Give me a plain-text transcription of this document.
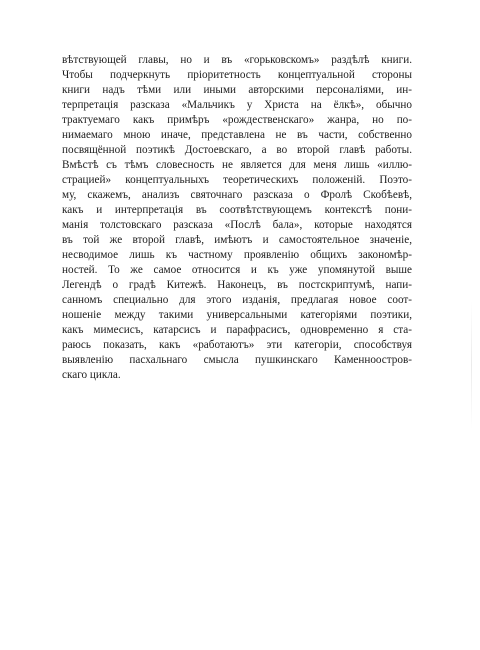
вѣтствующей главы, но и въ «горьковскомъ» раздѣлѣ книги.
Чтобы подчеркнуть пріоритетность концептуальной стороны
книги надъ тѣми или иными авторскими персоналіями, ин-
терпретація разсказа «Мальчикъ у Христа на ёлкѣ», обычно
трактуемаго какъ примѣръ «рождественскаго» жанра, но по-
нимаемаго мною иначе, представлена не въ части, собственно
посвящённой поэтикѣ Достоевскаго, а во второй главѣ работы.
Вмѣстѣ съ тѣмъ словесность не является для меня лишь «иллю-
страцией» концептуальныхъ теоретическихъ положеній. Поэто-
му, скажемъ, анализъ святочнаго разсказа о Фролѣ Скобѣевѣ,
какъ и интерпретація въ соотвѣтствующемъ контекстѣ пони-
манія толстовскаго разсказа «Послѣ бала», которые находятся
въ той же второй главѣ, имѣютъ и самостоятельное значеніе,
несводимое лишь къ частному проявленію общихъ закономѣр-
ностей. То же самое относится и къ уже упомянутой выше
Легендѣ о градѣ Китежѣ. Наконецъ, въ постскриптумѣ, напи-
санномъ специально для этого изданія, предлагая новое соот-
ношеніе между такими универсальными категоріями поэтики,
какъ мимесисъ, катарсисъ и парафрасисъ, одновременно я ста-
раюсь показать, какъ «работаютъ» эти категоріи, способствуя
выявленію пасхальнаго смысла пушкинскаго Каменноостров-
скаго цикла.
